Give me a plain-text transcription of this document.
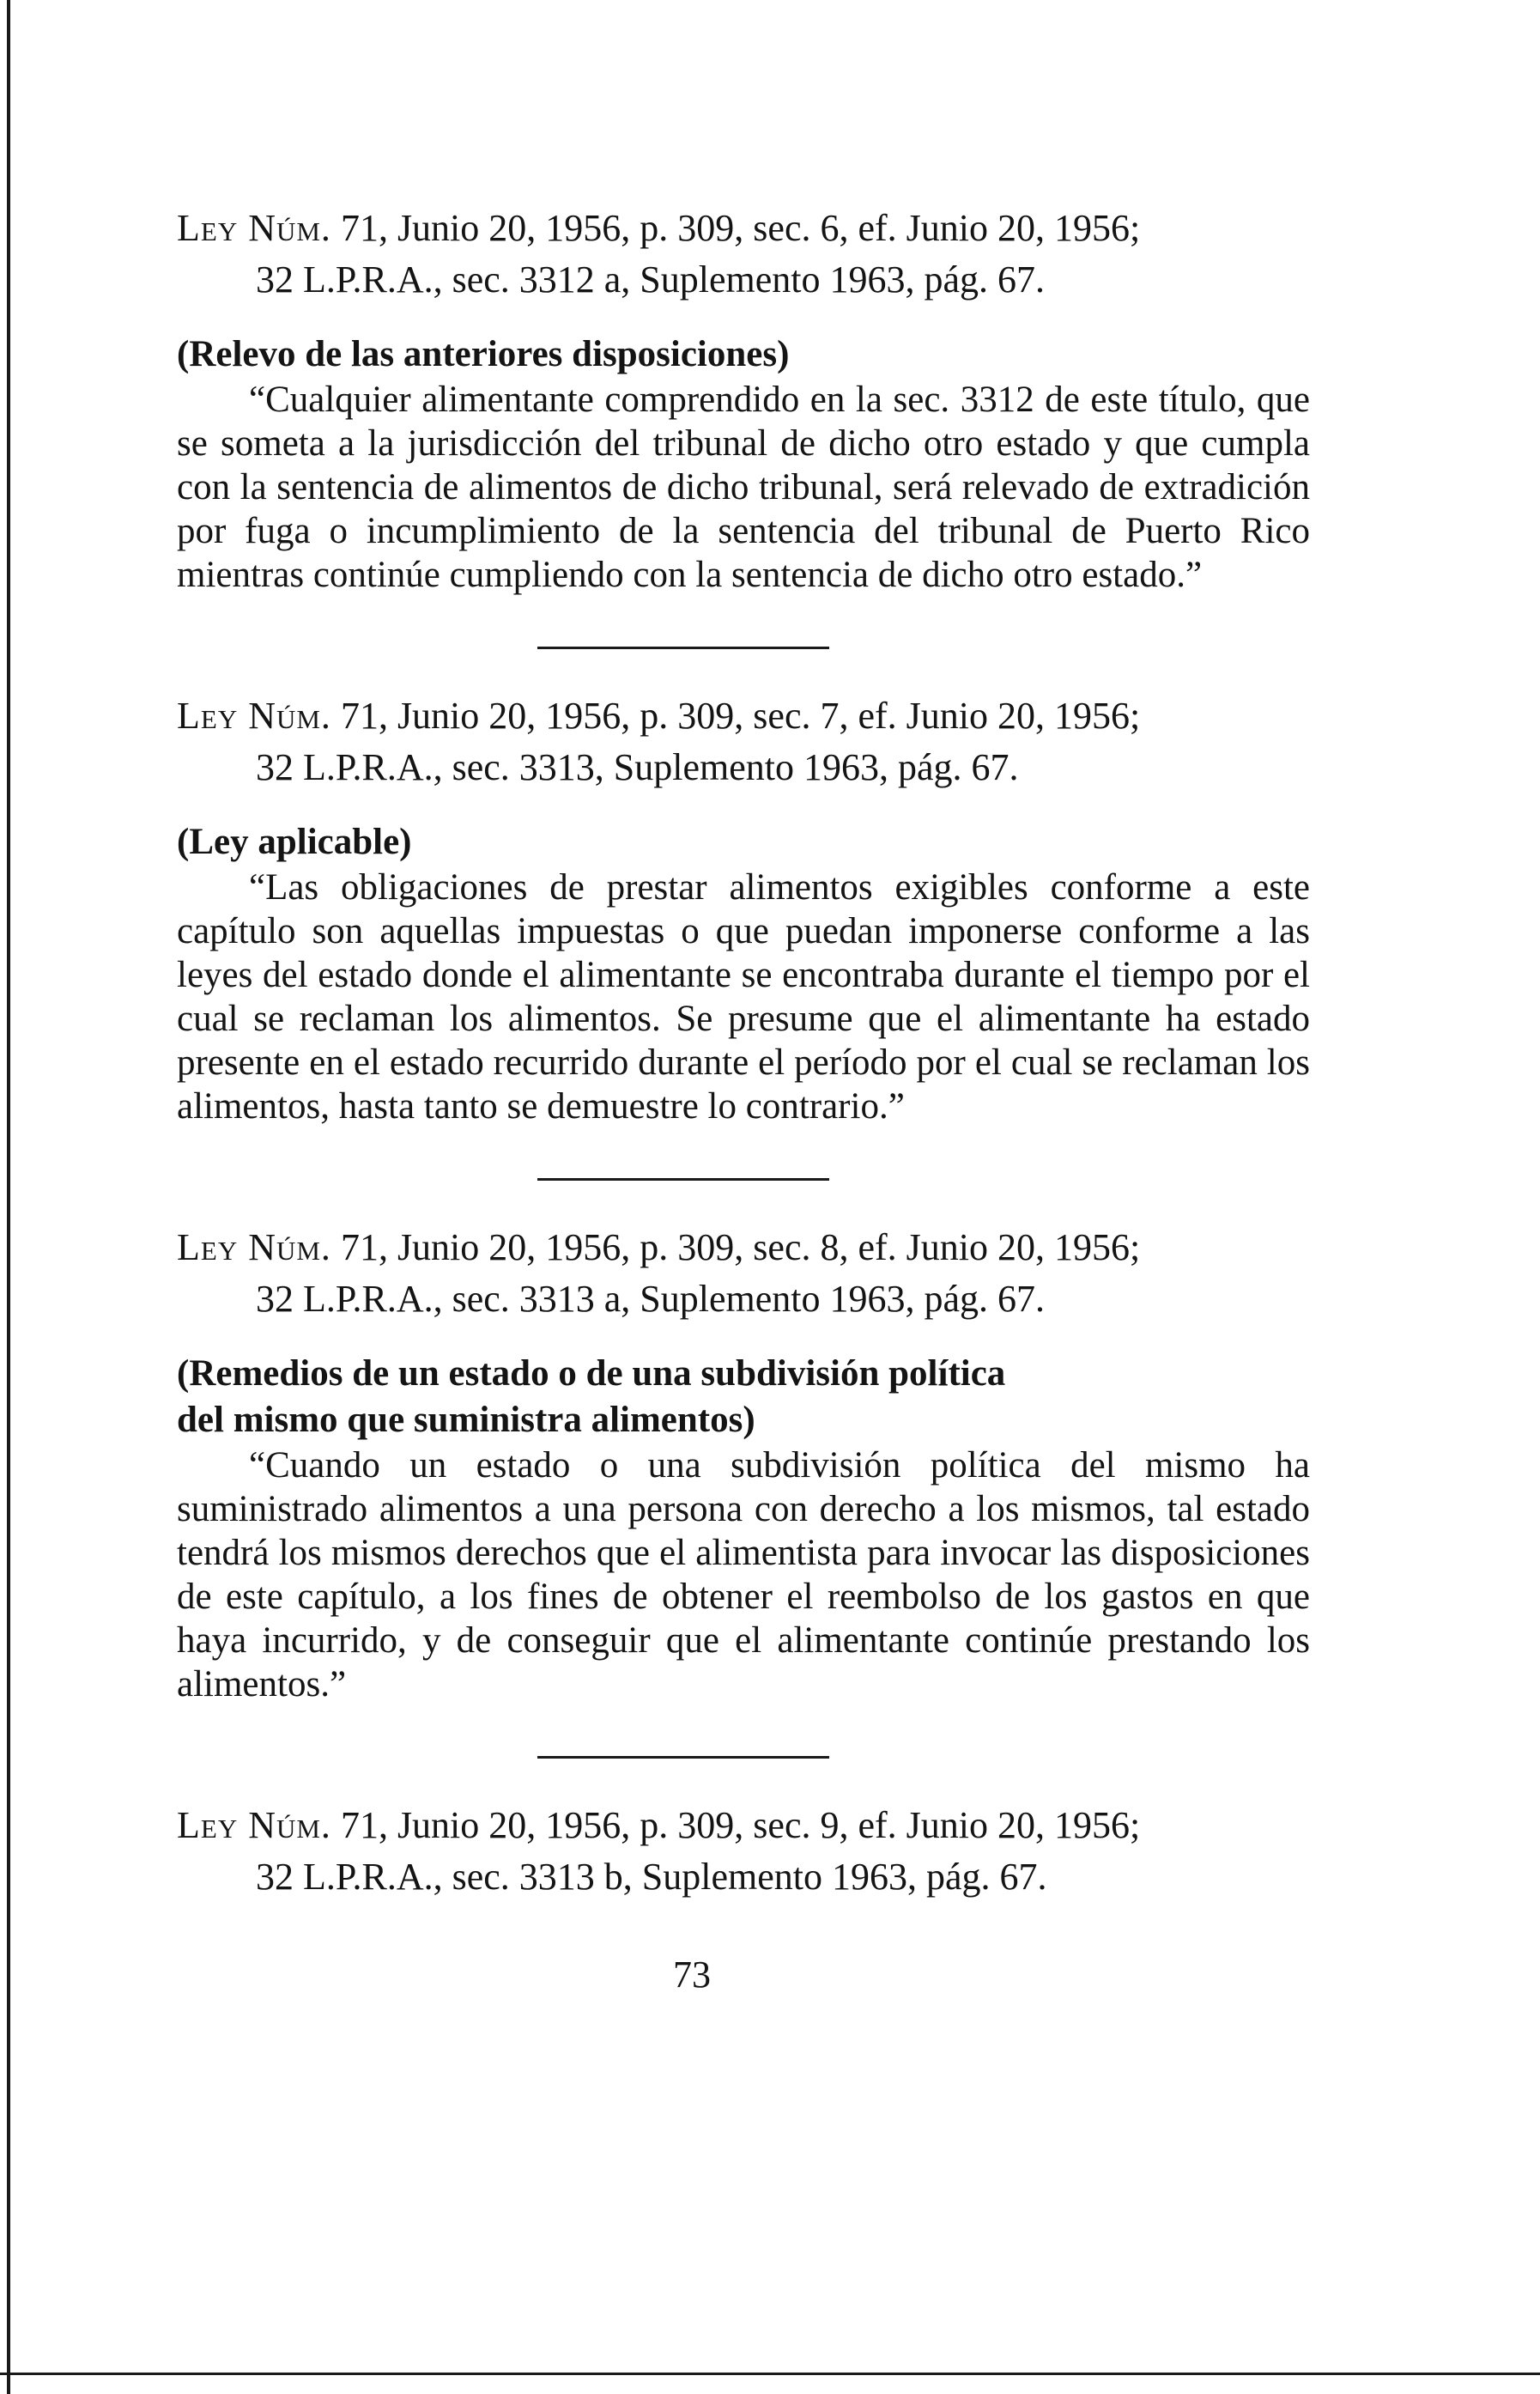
Ley Núm. 71, Junio 20, 1956, p. 309, sec. 6, ef. Junio 20, 1956;
32 L.P.R.A., sec. 3312 a, Suplemento 1963, pág. 67.

(Relevo de las anteriores disposiciones)

“Cualquier alimentante comprendido en la sec. 3312 de este título, que se someta a la jurisdicción del tribunal de dicho otro estado y que cumpla con la sentencia de alimentos de dicho tribunal, será relevado de extradición por fuga o incumplimiento de la sentencia del tribunal de Puerto Rico mientras continúe cumpliendo con la sentencia de dicho otro estado.”

Ley Núm. 71, Junio 20, 1956, p. 309, sec. 7, ef. Junio 20, 1956;
32 L.P.R.A., sec. 3313, Suplemento 1963, pág. 67.

(Ley aplicable)

“Las obligaciones de prestar alimentos exigibles conforme a este capítulo son aquellas impuestas o que puedan imponerse conforme a las leyes del estado donde el alimentante se encontraba durante el tiempo por el cual se reclaman los alimentos. Se presume que el alimentante ha estado presente en el estado recurrido durante el período por el cual se reclaman los alimentos, hasta tanto se demuestre lo contrario.”

Ley Núm. 71, Junio 20, 1956, p. 309, sec. 8, ef. Junio 20, 1956;
32 L.P.R.A., sec. 3313 a, Suplemento 1963, pág. 67.

(Remedios de un estado o de una subdivisión política
del mismo que suministra alimentos)

“Cuando un estado o una subdivisión política del mismo ha suministrado alimentos a una persona con derecho a los mismos, tal estado tendrá los mismos derechos que el alimentista para invocar las disposiciones de este capítulo, a los fines de obtener el reembolso de los gastos en que haya incurrido, y de conseguir que el alimentante continúe prestando los alimentos.”

Ley Núm. 71, Junio 20, 1956, p. 309, sec. 9, ef. Junio 20, 1956;
32 L.P.R.A., sec. 3313 b, Suplemento 1963, pág. 67.

73
